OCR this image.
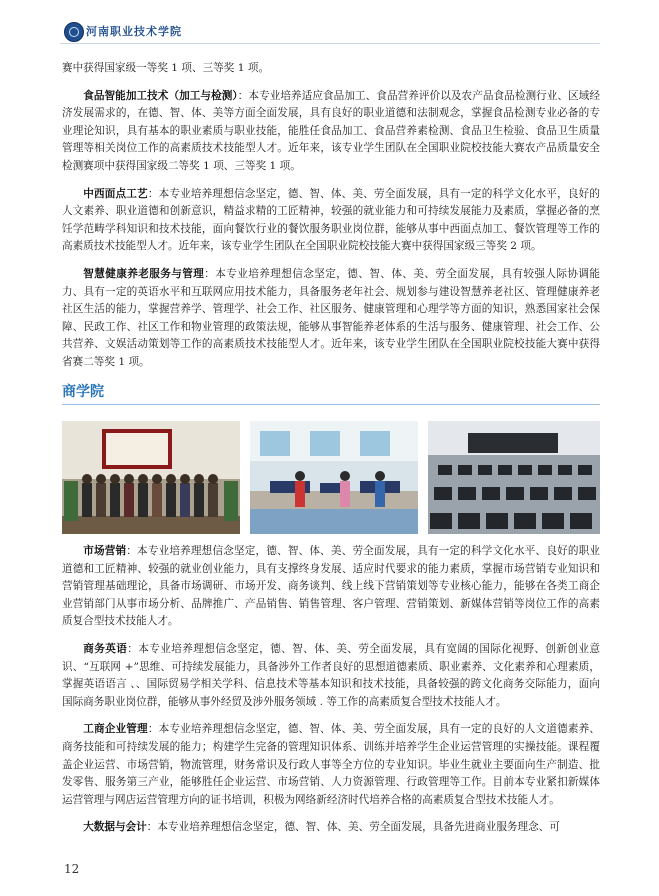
河南职业技术学院

赛中获得国家级一等奖 1 项、三等奖 1 项。

食品智能加工技术（加工与检测）：本专业培养适应食品加工、食品营养评价以及农产品食品检测行业、区域经济发展需求的，在德、智、体、美等方面全面发展，具有良好的职业道德和法制观念，掌握食品检测专业必备的专业理论知识，具有基本的职业素质与职业技能，能胜任食品加工、食品营养素检测、食品卫生检验、食品卫生质量管理等相关岗位工作的高素质技术技能型人才。近年来，该专业学生团队在全国职业院校技能大赛农产品质量安全检测赛项中获得国家级二等奖 1 项、三等奖 1 项。

中西面点工艺：本专业培养理想信念坚定，德、智、体、美、劳全面发展，具有一定的科学文化水平，良好的人文素养、职业道德和创新意识，精益求精的工匠精神，较强的就业能力和可持续发展能力及素质，掌握必备的烹饪学范畴学科知识和技术技能，面向餐饮行业的餐饮服务职业岗位群，能够从事中西面点加工、餐饮管理等工作的高素质技术技能型人才。近年来，该专业学生团队在全国职业院校技能大赛中获得国家级三等奖 2 项。

智慧健康养老服务与管理：本专业培养理想信念坚定，德、智、体、美、劳全面发展，具有较强人际协调能力、具有一定的英语水平和互联网应用技术能力，具备服务老年社会、规划参与建设智慧养老社区、管理健康养老社区生活的能力，掌握营养学、管理学、社会工作、社区服务、健康管理和心理学等方面的知识，熟悉国家社会保障、民政工作、社区工作和物业管理的政策法规，能够从事智能养老体系的生活与服务、健康管理、社会工作、公共营养、文娱活动策划等工作的高素质技术技能型人才。近年来，该专业学生团队在全国职业院校技能大赛中获得省赛二等奖 1 项。

商学院

市场营销：本专业培养理想信念坚定，德、智、体、美、劳全面发展，具有一定的科学文化水平、良好的职业道德和工匠精神、较强的就业创业能力，具有支撑终身发展、适应时代要求的能力素质，掌握市场营销专业知识和营销管理基础理论，具备市场调研、市场开发、商务谈判、线上线下营销策划等专业核心能力，能够在各类工商企业营销部门从事市场分析、品牌推广、产品销售、销售管理、客户管理、营销策划、新媒体营销等岗位工作的高素质复合型技术技能人才。

商务英语：本专业培养理想信念坚定，德、智、体、美、劳全面发展，具有宽阔的国际化视野、创新创业意识、“互联网 +”思维、可持续发展能力，具备涉外工作者良好的思想道德素质、职业素养、文化素养和心理素质，掌握英语语言 、、国际贸易学相关学科、信息技术等基本知识和技术技能，具备较强的跨文化商务交际能力，面向国际商务职业岗位群，能够从事外经贸及涉外服务领域 . 等工作的高素质复合型技术技能人才。

工商企业管理：本专业培养理想信念坚定，德、智、体、美、劳全面发展，具有一定的良好的人文道德素养、商务技能和可持续发展的能力；构建学生完备的管理知识体系、训练并培养学生企业运营管理的实操技能。课程覆盖企业运营、市场营销，物流管理，财务常识及行政人事等全方位的专业知识。毕业生就业主要面向生产制造、批发零售、服务第三产业，能够胜任企业运营、市场营销、人力资源管理、行政管理等工作。目前本专业紧扣新媒体运营管理与网店运营管理方向的证书培训，积极为网络新经济时代培养合格的高素质复合型技术技能人才。

大数据与会计：本专业培养理想信念坚定，德、智、体、美、劳全面发展，具备先进商业服务理念、可

12
